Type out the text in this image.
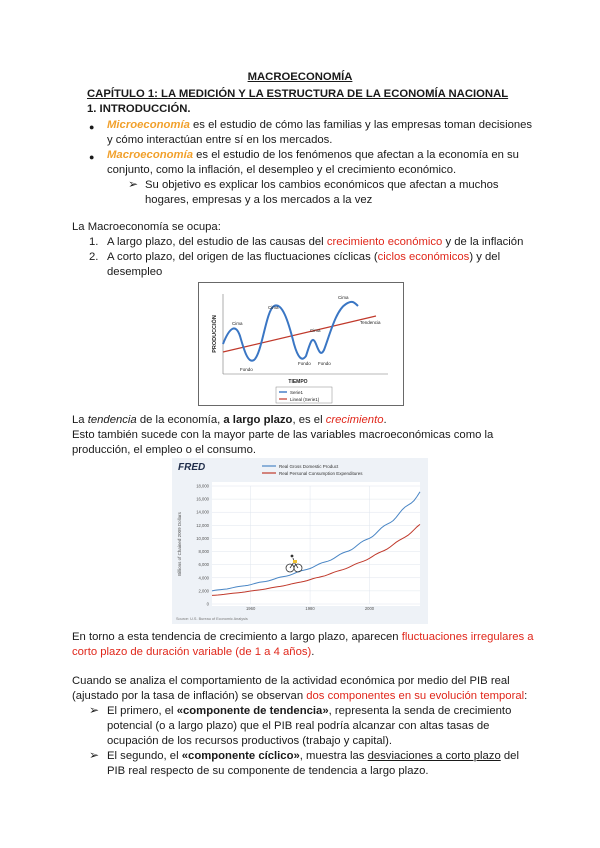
MACROECONOMÍA
CAPÍTULO 1: LA MEDICIÓN Y LA ESTRUCTURA DE LA ECONOMÍA NACIONAL
1. INTRODUCCIÓN.
● Microeconomía es el estudio de cómo las familias y las empresas toman decisiones
y cómo interactúan entre sí en los mercados.
● Macroeconomía es el estudio de los fenómenos que afectan a la economía en su
conjunto, como la inflación, el desempleo y el crecimiento económico.
➢ Su objetivo es explicar los cambios económicos que afectan a muchos
hogares, empresas y a los mercados a la vez
La Macroeconomía se ocupa:
1. A largo plazo, del estudio de las causas del crecimiento económico y de la inflación
2. A corto plazo, del origen de las fluctuaciones cíclicas (ciclos económicos) y del
desempleo
PRODUCCIÓN	Cima
Cima
Cima
Cima
Fondo
Fondo Fondo
Tendencia
TIEMPO
Serie1
Lineal (Serie1)
La tendencia de la economía, a largo plazo, es el crecimiento.
Esto también sucede con la mayor parte de las variables macroeconómicas como la
producción, el empleo o el consumo.
FRED	Real Gross Domestic Product
Real Personal Consumption Expenditures
18,000
16,000
14,000
12,000
10,000
8,000
6,000
4,000
2,000
0
Billions of Chained 2009 Dollars
1960	1980	2000
Source: U.S. Bureau of Economic Analysis
En torno a esta tendencia de crecimiento a largo plazo, aparecen fluctuaciones irregulares a
corto plazo de duración variable (de 1 a 4 años).
Cuando se analiza el comportamiento de la actividad económica por medio del PIB real
(ajustado por la tasa de inflación) se observan dos componentes en su evolución temporal:
➢ El primero, el «componente de tendencia», representa la senda de crecimiento
potencial (o a largo plazo) que el PIB real podría alcanzar con altas tasas de
ocupación de los recursos productivos (trabajo y capital).
➢ El segundo, el «componente cíclico», muestra las desviaciones a corto plazo del
PIB real respecto de su componente de tendencia a largo plazo.
